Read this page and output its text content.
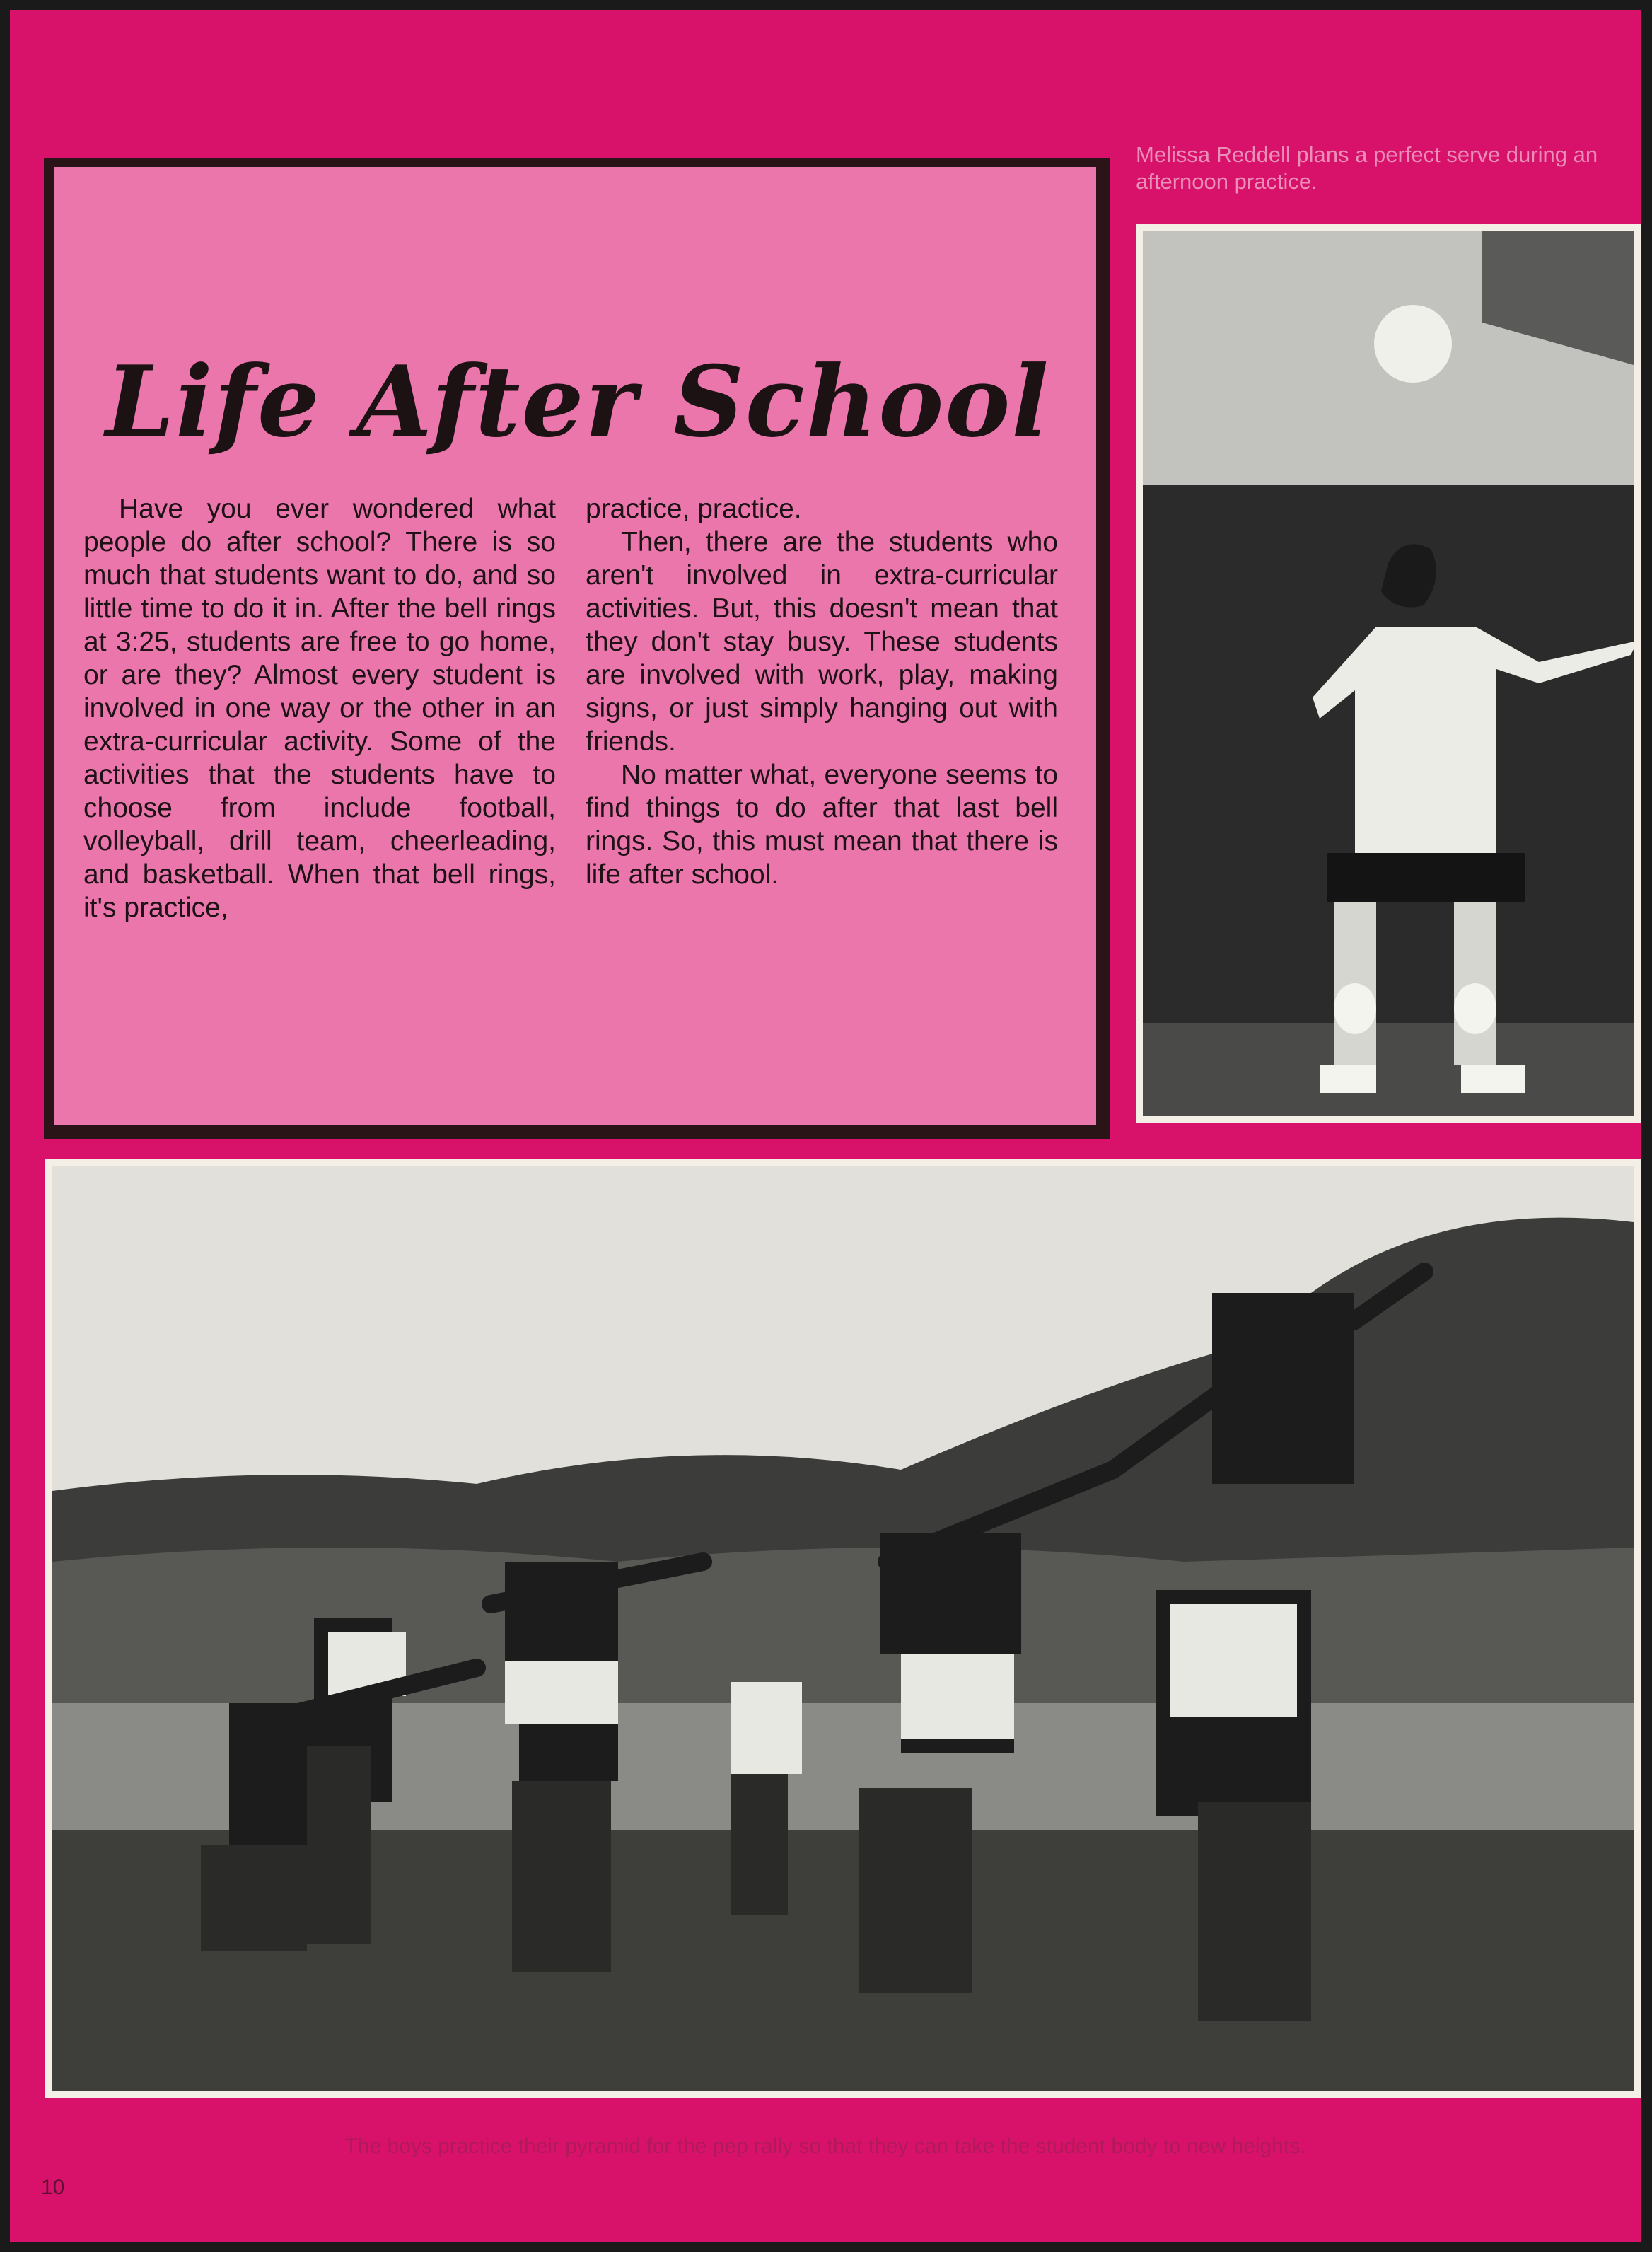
Melissa Reddell plans a perfect serve during an afternoon practice.
Life After School

Have you ever wondered what people do after school? There is so much that students want to do, and so little time to do it in. After the bell rings at 3:25, students are free to go home, or are they? Almost every student is involved in one way or the other in an extra-curricular activity. Some of the activities that the students have to choose from include football, volleyball, drill team, cheerleading, and basketball. When that bell rings, it's practice,

practice, practice.

Then, there are the students who aren't involved in extra-curricular activities. But, this doesn't mean that they don't stay busy. These students are involved with work, play, making signs, or just simply hanging out with friends.

No matter what, everyone seems to find things to do after that last bell rings. So, this must mean that there is life after school.

The boys practice their pyramid for the pep rally so that they can take the student body to new heights.
10
